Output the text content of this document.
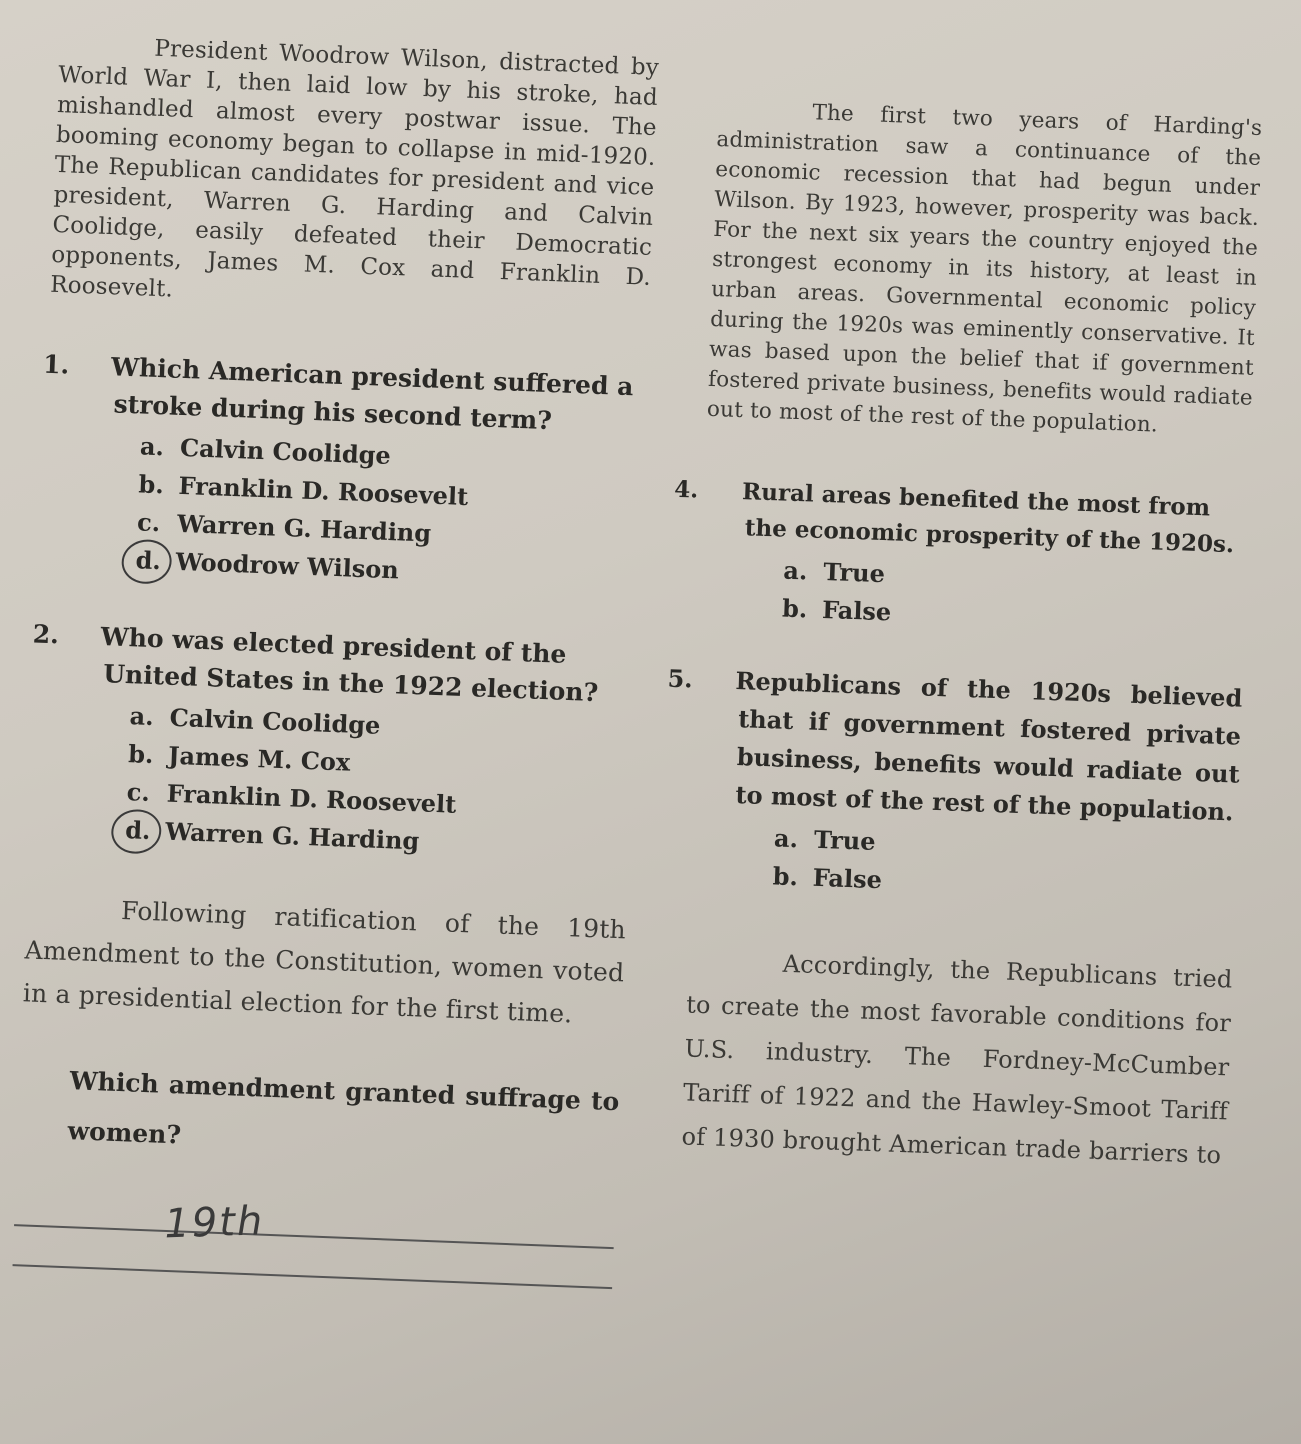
President Woodrow Wilson, distracted by World War I, then laid low by his stroke, had mishandled almost every postwar issue. The booming economy began to collapse in mid-1920. The Republican candidates for president and vice president, Warren G. Harding and Calvin Coolidge, easily defeated their Democratic opponents, James M. Cox and Franklin D. Roosevelt.

1. Which American president suffered a stroke during his second term?

a. Calvin Coolidge
b. Franklin D. Roosevelt
c. Warren G. Harding
d. Woodrow Wilson

2. Who was elected president of the United States in the 1922 election?

a. Calvin Coolidge
b. James M. Cox
c. Franklin D. Roosevelt
d. Warren G. Harding

Following ratification of the 19th Amendment to the Constitution, women voted in a presidential election for the first time.

Which amendment granted suffrage to women?

19th

The first two years of Harding's administration saw a continuance of the economic recession that had begun under Wilson. By 1923, however, prosperity was back. For the next six years the country enjoyed the strongest economy in its history, at least in urban areas. Governmental economic policy during the 1920s was eminently conservative. It was based upon the belief that if government fostered private business, benefits would radiate out to most of the rest of the population.

4. Rural areas benefited the most from the economic prosperity of the 1920s.

a. True
b. False

5. Republicans of the 1920s believed that if government fostered private business, benefits would radiate out to most of the rest of the population.

a. True
b. False

Accordingly, the Republicans tried to create the most favorable conditions for U.S. industry. The Fordney-McCumber Tariff of 1922 and the Hawley-Smoot Tariff of 1930 brought American trade barriers to
